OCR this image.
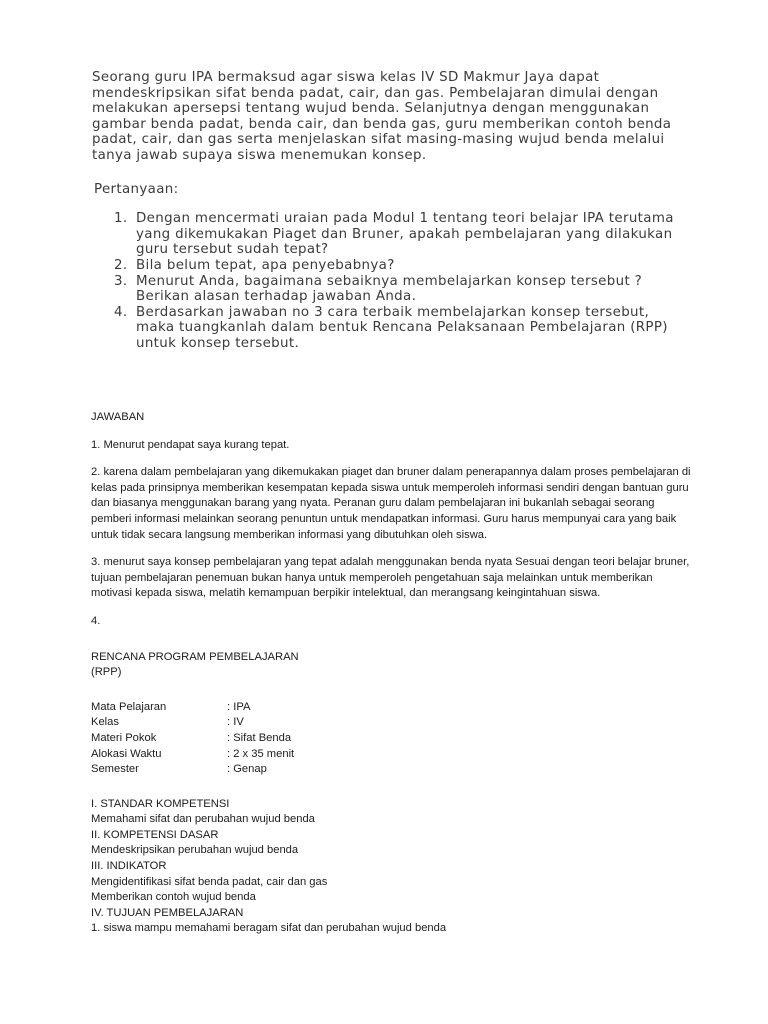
Seorang guru IPA bermaksud agar siswa kelas IV SD Makmur Jaya dapat mendeskripsikan sifat benda padat, cair, dan gas. Pembelajaran dimulai dengan melakukan apersepsi tentang wujud benda. Selanjutnya dengan menggunakan gambar benda padat, benda cair, dan benda gas, guru memberikan contoh benda padat, cair, dan gas serta menjelaskan sifat masing-masing wujud benda melalui tanya jawab supaya siswa menemukan konsep.

Pertanyaan:

1. Dengan mencermati uraian pada Modul 1 tentang teori belajar IPA terutama yang dikemukakan Piaget dan Bruner, apakah pembelajaran yang dilakukan guru tersebut sudah tepat?
2. Bila belum tepat, apa penyebabnya?
3. Menurut Anda, bagaimana sebaiknya membelajarkan konsep tersebut ? Berikan alasan terhadap jawaban Anda.
4. Berdasarkan jawaban no 3 cara terbaik membelajarkan konsep tersebut, maka tuangkanlah dalam bentuk Rencana Pelaksanaan Pembelajaran (RPP) untuk konsep tersebut.

JAWABAN

1. Menurut pendapat saya kurang tepat.

2. karena dalam pembelajaran yang dikemukakan piaget dan bruner dalam penerapannya dalam proses pembelajaran di kelas pada prinsipnya memberikan kesempatan kepada siswa untuk memperoleh informasi sendiri dengan bantuan guru dan biasanya menggunakan barang yang nyata. Peranan guru dalam pembelajaran ini bukanlah sebagai seorang pemberi informasi melainkan seorang penuntun untuk mendapatkan informasi. Guru harus mempunyai cara yang baik untuk tidak secara langsung memberikan informasi yang dibutuhkan oleh siswa.

3. menurut saya konsep pembelajaran yang tepat adalah menggunakan benda nyata Sesuai dengan teori belajar bruner, tujuan pembelajaran penemuan bukan hanya untuk memperoleh pengetahuan saja melainkan untuk memberikan motivasi kepada siswa, melatih kemampuan berpikir intelektual, dan merangsang keingintahuan siswa.

4.

RENCANA PROGRAM PEMBELAJARAN

(RPP)

Mata Pelajaran	: IPA
Kelas	: IV
Materi Pokok	: Sifat Benda
Alokasi Waktu	: 2 x 35 menit
Semester	: Genap

I. STANDAR KOMPETENSI

Memahami sifat dan perubahan wujud benda

II. KOMPETENSI DASAR

Mendeskripsikan perubahan wujud benda

III. INDIKATOR

Mengidentifikasi sifat benda padat, cair dan gas

Memberikan contoh wujud benda

IV. TUJUAN PEMBELAJARAN

1. siswa mampu memahami beragam sifat dan perubahan wujud benda
